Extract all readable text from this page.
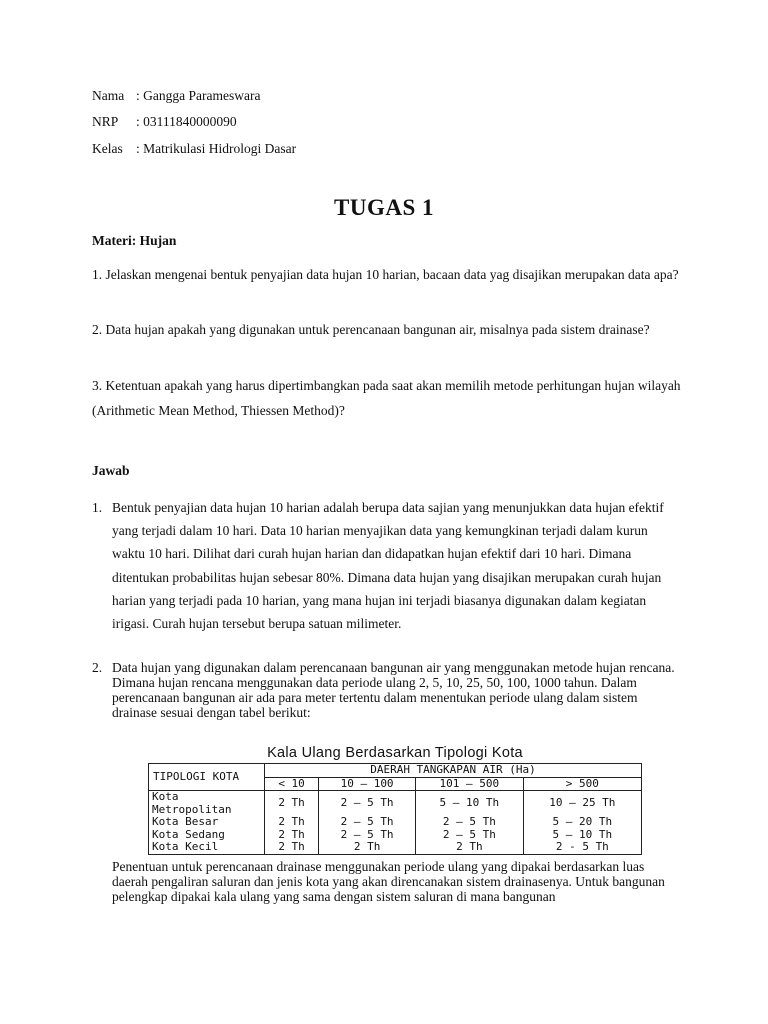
Nama : Gangga Parameswara
NRP : 03111840000090
Kelas : Matrikulasi Hidrologi Dasar
TUGAS 1
Materi: Hujan
1. Jelaskan mengenai bentuk penyajian data hujan 10 harian, bacaan data yag disajikan merupakan data apa?
2. Data hujan apakah yang digunakan untuk perencanaan bangunan air, misalnya pada sistem drainase?
3. Ketentuan apakah yang harus dipertimbangkan pada saat akan memilih metode perhitungan hujan wilayah (Arithmetic Mean Method, Thiessen Method)?
Jawab
1. Bentuk penyajian data hujan 10 harian adalah berupa data sajian yang menunjukkan data hujan efektif yang terjadi dalam 10 hari. Data 10 harian menyajikan data yang kemungkinan terjadi dalam kurun waktu 10 hari. Dilihat dari curah hujan harian dan didapatkan hujan efektif dari 10 hari. Dimana ditentukan probabilitas hujan sebesar 80%. Dimana data hujan yang disajikan merupakan curah hujan harian yang terjadi pada 10 harian, yang mana hujan ini terjadi biasanya digunakan dalam kegiatan irigasi. Curah hujan tersebut berupa satuan milimeter.
2. Data hujan yang digunakan dalam perencanaan bangunan air yang menggunakan metode hujan rencana. Dimana hujan rencana menggunakan data periode ulang 2, 5, 10, 25, 50, 100, 1000 tahun. Dalam perencanaan bangunan air ada para meter tertentu dalam menentukan periode ulang dalam sistem drainase sesuai dengan tabel berikut:
Kala Ulang Berdasarkan Tipologi Kota
TIPOLOGI KOTA	DAERAH TANGKAPAN AIR (Ha)			
	< 10	10 – 100	101 – 500	> 500
Kota Metropolitan	2 Th	2 – 5 Th	5 – 10 Th	10 – 25 Th
Kota Besar	2 Th	2 – 5 Th	2 – 5 Th	5 – 20 Th
Kota Sedang	2 Th	2 – 5 Th	2 – 5 Th	5 – 10 Th
Kota Kecil	2 Th	2 Th	2 Th	2 - 5 Th
Penentuan untuk perencanaan drainase menggunakan periode ulang yang dipakai berdasarkan luas daerah pengaliran saluran dan jenis kota yang akan direncanakan sistem drainasenya. Untuk bangunan pelengkap dipakai kala ulang yang sama dengan sistem saluran di mana bangunan
